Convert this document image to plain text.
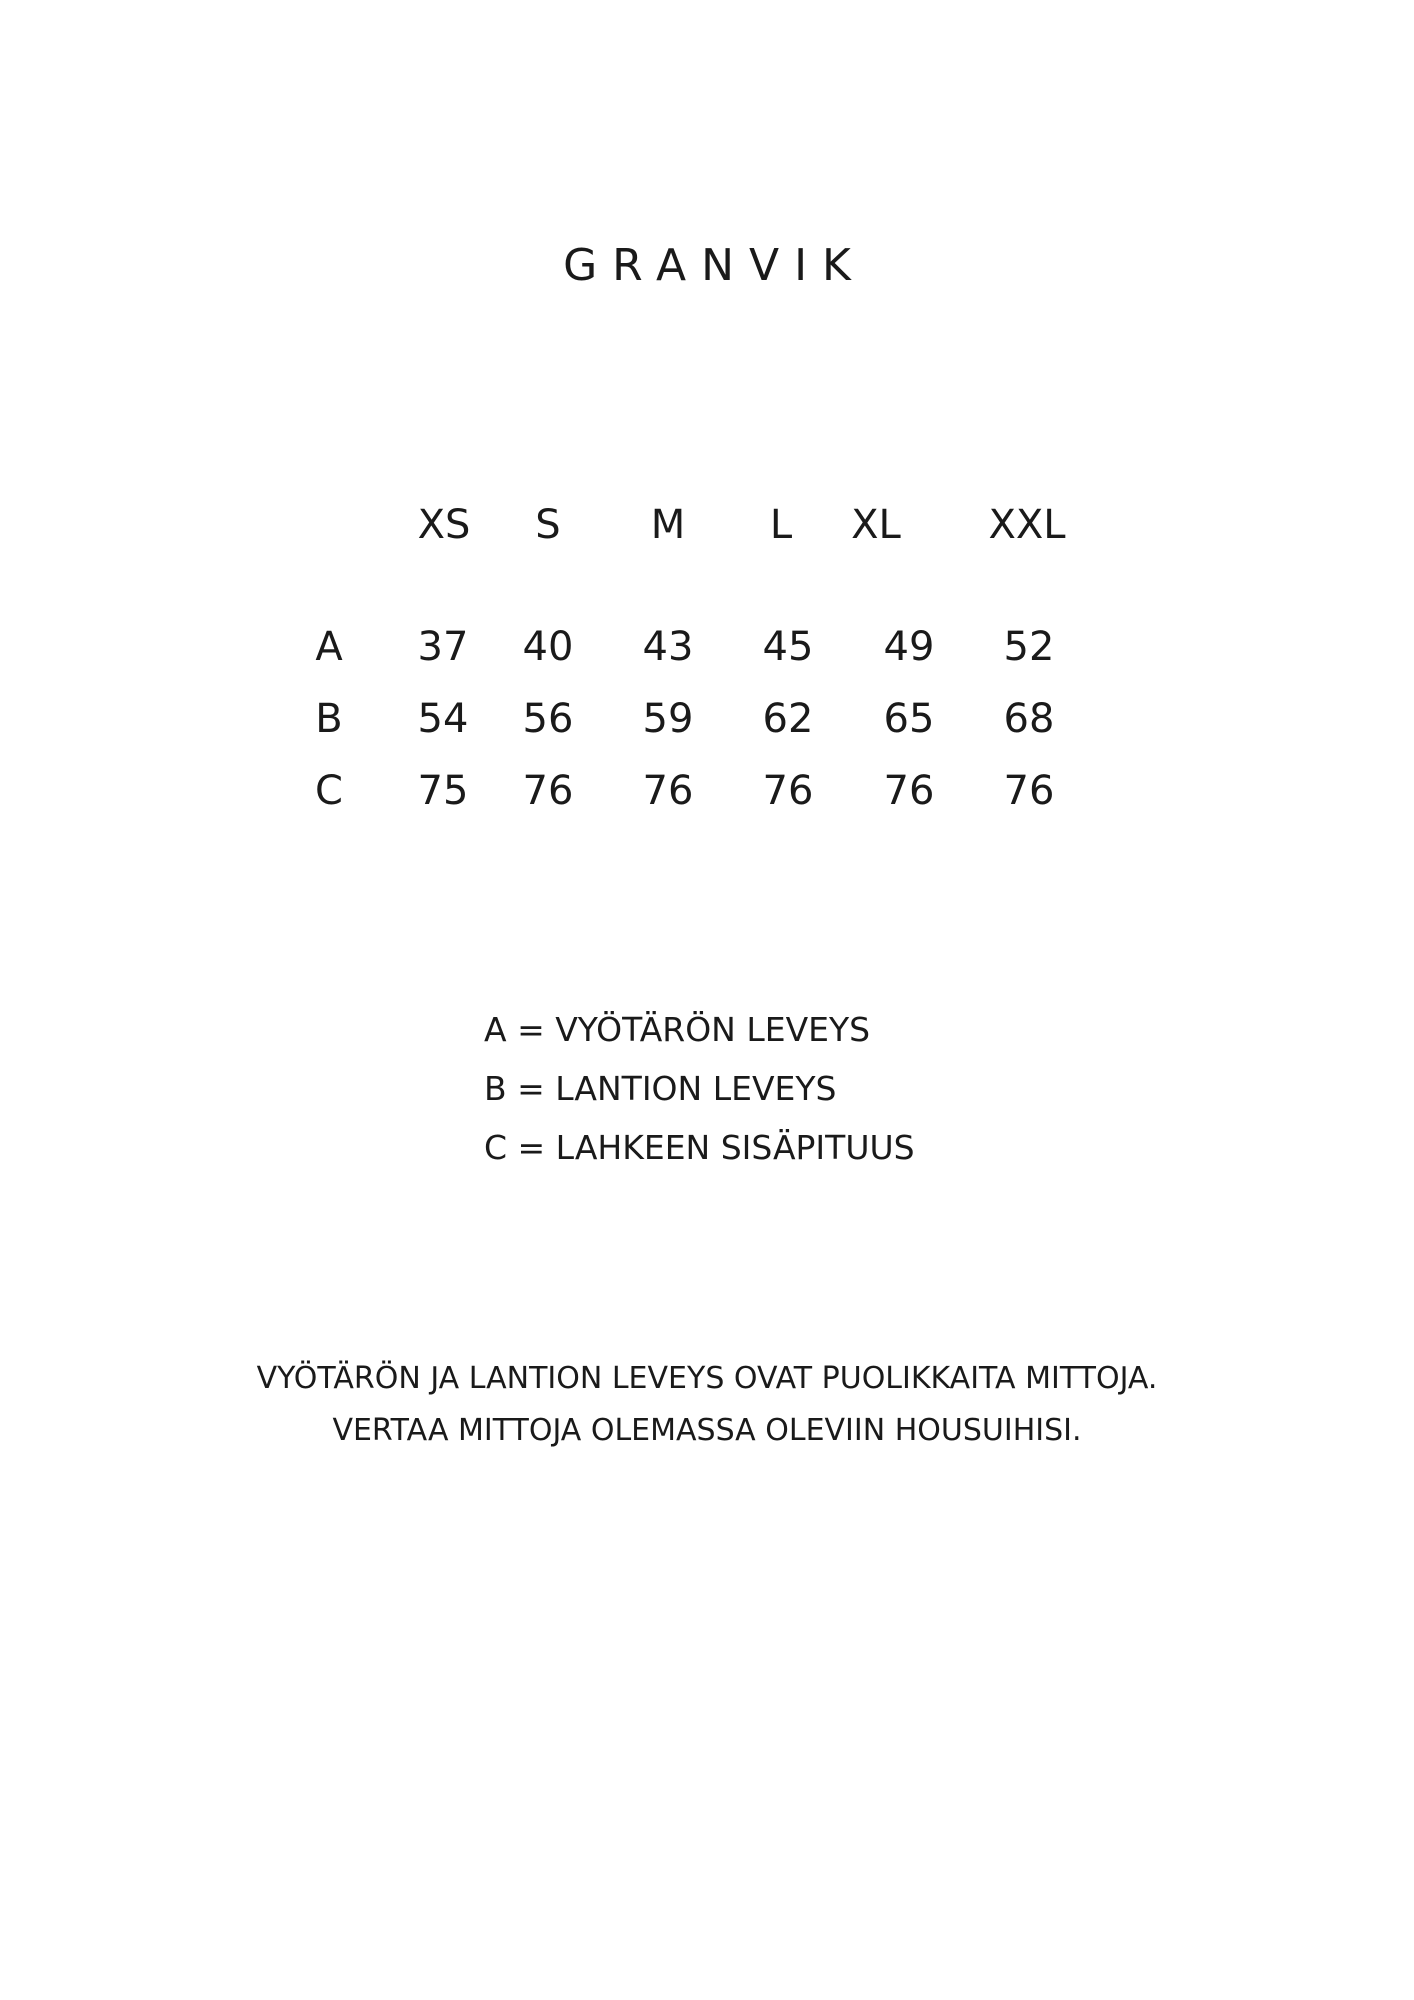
GRANVIK
XS	S	M	L	XL	XXL
A	37	40	43	45	49	52
B	54	56	59	62	65	68
C	75	76	76	76	76	76
A = VYÖTÄRÖN LEVEYS
B = LANTION LEVEYS
C = LAHKEEN SISÄPITUUS
VYÖTÄRÖN JA LANTION LEVEYS OVAT PUOLIKKAITA MITTOJA.
VERTAA MITTOJA OLEMASSA OLEVIIN HOUSUIHISI.
